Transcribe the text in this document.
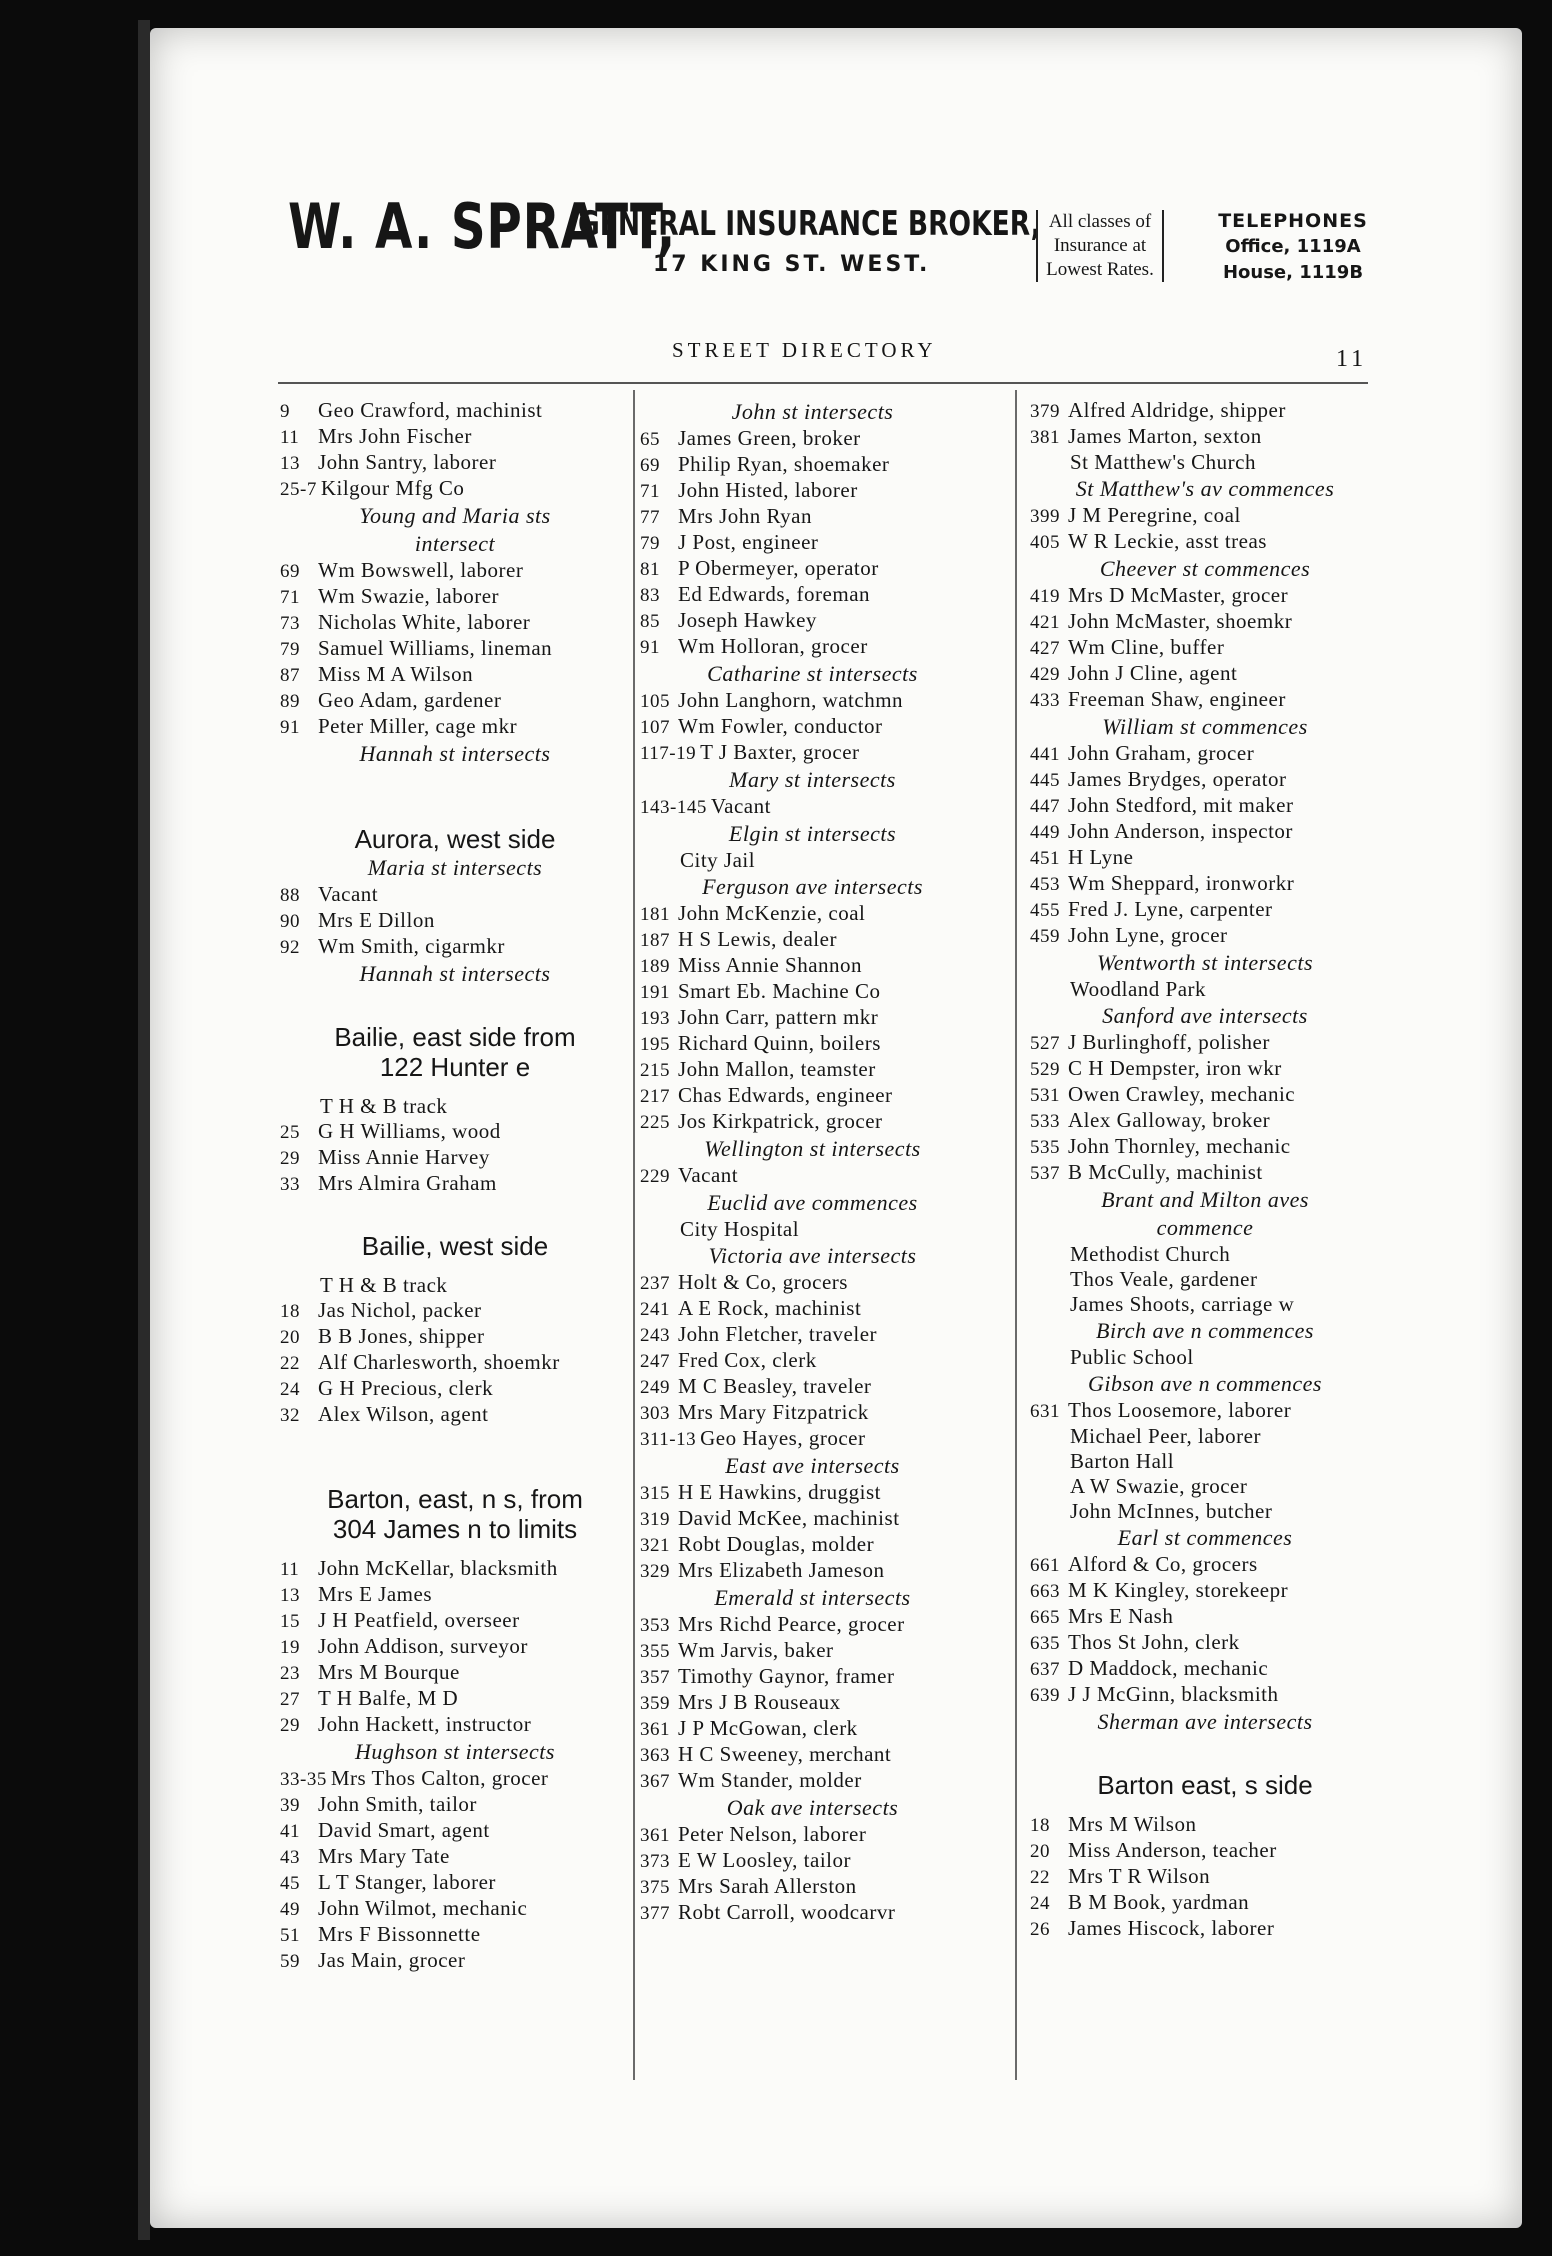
W. A. SPRATT,
GENERAL INSURANCE BROKER,
17 KING ST. WEST.
All classes of
Insurance at
Lowest Rates.
TELEPHONES
Office, 1119A
House, 1119B
STREET DIRECTORY	11
9 Geo Crawford, machinist
11 Mrs John Fischer
13 John Santry, laborer
25-7 Kilgour Mfg Co
Young and Maria sts
intersect
69 Wm Bowswell, laborer
71 Wm Swazie, laborer
73 Nicholas White, laborer
79 Samuel Williams, lineman
87 Miss M A Wilson
89 Geo Adam, gardener
91 Peter Miller, cage mkr
Hannah st intersects
Aurora, west side
Maria st intersects
88 Vacant
90 Mrs E Dillon
92 Wm Smith, cigarmkr
Hannah st intersects
Bailie, east side from
122 Hunter e
T H & B track
25 G H Williams, wood
29 Miss Annie Harvey
33 Mrs Almira Graham
Bailie, west side
T H & B track
18 Jas Nichol, packer
20 B B Jones, shipper
22 Alf Charlesworth, shoemkr
24 G H Precious, clerk
32 Alex Wilson, agent
Barton, east, n s, from
304 James n to limits
11 John McKellar, blacksmith
13 Mrs E James
15 J H Peatfield, overseer
19 John Addison, surveyor
23 Mrs M Bourque
27 T H Balfe, M D
29 John Hackett, instructor
Hughson st intersects
33-35 Mrs Thos Calton, grocer
39 John Smith, tailor
41 David Smart, agent
43 Mrs Mary Tate
45 L T Stanger, laborer
49 John Wilmot, mechanic
51 Mrs F Bissonnette
59 Jas Main, grocer
John st intersects
65 James Green, broker
69 Philip Ryan, shoemaker
71 John Histed, laborer
77 Mrs John Ryan
79 J Post, engineer
81 P Obermeyer, operator
83 Ed Edwards, foreman
85 Joseph Hawkey
91 Wm Holloran, grocer
Catharine st intersects
105 John Langhorn, watchmn
107 Wm Fowler, conductor
117-19 T J Baxter, grocer
Mary st intersects
143-145 Vacant
Elgin st intersects
City Jail
Ferguson ave intersects
181 John McKenzie, coal
187 H S Lewis, dealer
189 Miss Annie Shannon
191 Smart Eb. Machine Co
193 John Carr, pattern mkr
195 Richard Quinn, boilers
215 John Mallon, teamster
217 Chas Edwards, engineer
225 Jos Kirkpatrick, grocer
Wellington st intersects
229 Vacant
Euclid ave commences
City Hospital
Victoria ave intersects
237 Holt & Co, grocers
241 A E Rock, machinist
243 John Fletcher, traveler
247 Fred Cox, clerk
249 M C Beasley, traveler
303 Mrs Mary Fitzpatrick
311-13 Geo Hayes, grocer
East ave intersects
315 H E Hawkins, druggist
319 David McKee, machinist
321 Robt Douglas, molder
329 Mrs Elizabeth Jameson
Emerald st intersects
353 Mrs Richd Pearce, grocer
355 Wm Jarvis, baker
357 Timothy Gaynor, framer
359 Mrs J B Rouseaux
361 J P McGowan, clerk
363 H C Sweeney, merchant
367 Wm Stander, molder
Oak ave intersects
361 Peter Nelson, laborer
373 E W Loosley, tailor
375 Mrs Sarah Allerston
377 Robt Carroll, woodcarvr
379 Alfred Aldridge, shipper
381 James Marton, sexton
St Matthew's Church
St Matthew's av commences
399 J M Peregrine, coal
405 W R Leckie, asst treas
Cheever st commences
419 Mrs D McMaster, grocer
421 John McMaster, shoemkr
427 Wm Cline, buffer
429 John J Cline, agent
433 Freeman Shaw, engineer
William st commences
441 John Graham, grocer
445 James Brydges, operator
447 John Stedford, mit maker
449 John Anderson, inspector
451 H Lyne
453 Wm Sheppard, ironworkr
455 Fred J. Lyne, carpenter
459 John Lyne, grocer
Wentworth st intersects
Woodland Park
Sanford ave intersects
527 J Burlinghoff, polisher
529 C H Dempster, iron wkr
531 Owen Crawley, mechanic
533 Alex Galloway, broker
535 John Thornley, mechanic
537 B McCully, machinist
Brant and Milton aves
commence
Methodist Church
Thos Veale, gardener
James Shoots, carriage w
Birch ave n commences
Public School
Gibson ave n commences
631 Thos Loosemore, laborer
Michael Peer, laborer
Barton Hall
A W Swazie, grocer
John McInnes, butcher
Earl st commences
661 Alford & Co, grocers
663 M K Kingley, storekeepr
665 Mrs E Nash
635 Thos St John, clerk
637 D Maddock, mechanic
639 J J McGinn, blacksmith
Sherman ave intersects
Barton east, s side
18 Mrs M Wilson
20 Miss Anderson, teacher
22 Mrs T R Wilson
24 B M Book, yardman
26 James Hiscock, laborer
